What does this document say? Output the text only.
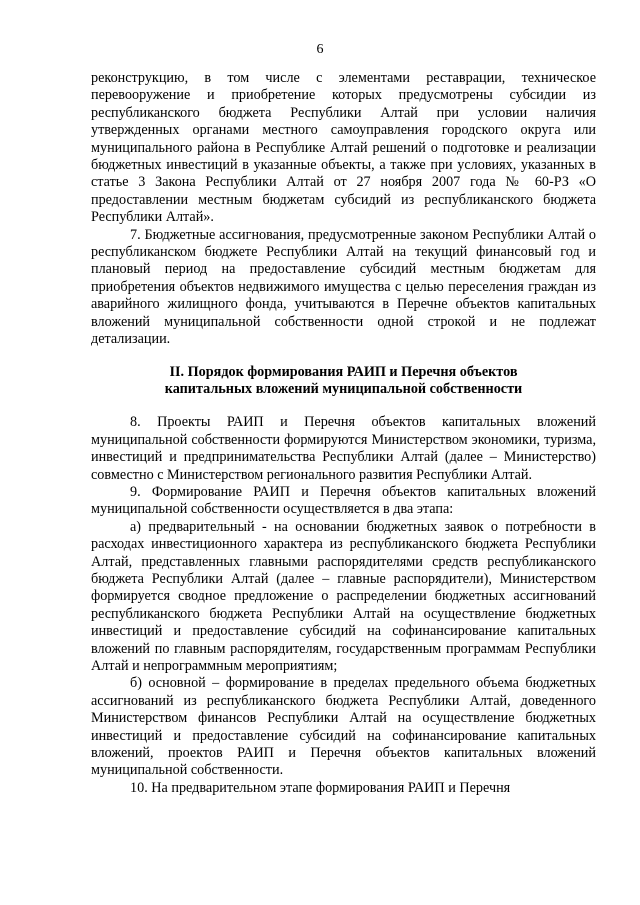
6

реконструкцию, в том числе с элементами реставрации, техническое перевооружение и приобретение которых предусмотрены субсидии из республиканского бюджета Республики Алтай при условии наличия утвержденных органами местного самоуправления городского округа или муниципального района в Республике Алтай решений о подготовке и реализации бюджетных инвестиций в указанные объекты, а также при условиях, указанных в статье 3 Закона Республики Алтай от 27 ноября 2007 года № 60-РЗ «О предоставлении местным бюджетам субсидий из республиканского бюджета Республики Алтай».

7. Бюджетные ассигнования, предусмотренные законом Республики Алтай о республиканском бюджете Республики Алтай на текущий финансовый год и плановый период на предоставление субсидий местным бюджетам для приобретения объектов недвижимого имущества с целью переселения граждан из аварийного жилищного фонда, учитываются в Перечне объектов капитальных вложений муниципальной собственности одной строкой и не подлежат детализации.

II. Порядок формирования РАИП и Перечня объектов
капитальных вложений муниципальной собственности

8. Проекты РАИП и Перечня объектов капитальных вложений муниципальной собственности формируются Министерством экономики, туризма, инвестиций и предпринимательства Республики Алтай (далее – Министерство) совместно с Министерством регионального развития Республики Алтай.

9. Формирование РАИП и Перечня объектов капитальных вложений муниципальной собственности осуществляется в два этапа:

а) предварительный - на основании бюджетных заявок о потребности в расходах инвестиционного характера из республиканского бюджета Республики Алтай, представленных главными распорядителями средств республиканского бюджета Республики Алтай (далее – главные распорядители), Министерством формируется сводное предложение о распределении бюджетных ассигнований республиканского бюджета Республики Алтай на осуществление бюджетных инвестиций и предоставление субсидий на софинансирование капитальных вложений по главным распорядителям, государственным программам Республики Алтай и непрограммным мероприятиям;

б) основной – формирование в пределах предельного объема бюджетных ассигнований из республиканского бюджета Республики Алтай, доведенного Министерством финансов Республики Алтай на осуществление бюджетных инвестиций и предоставление субсидий на софинансирование капитальных вложений, проектов РАИП и Перечня объектов капитальных вложений муниципальной собственности.

10. На предварительном этапе формирования РАИП и Перечня
